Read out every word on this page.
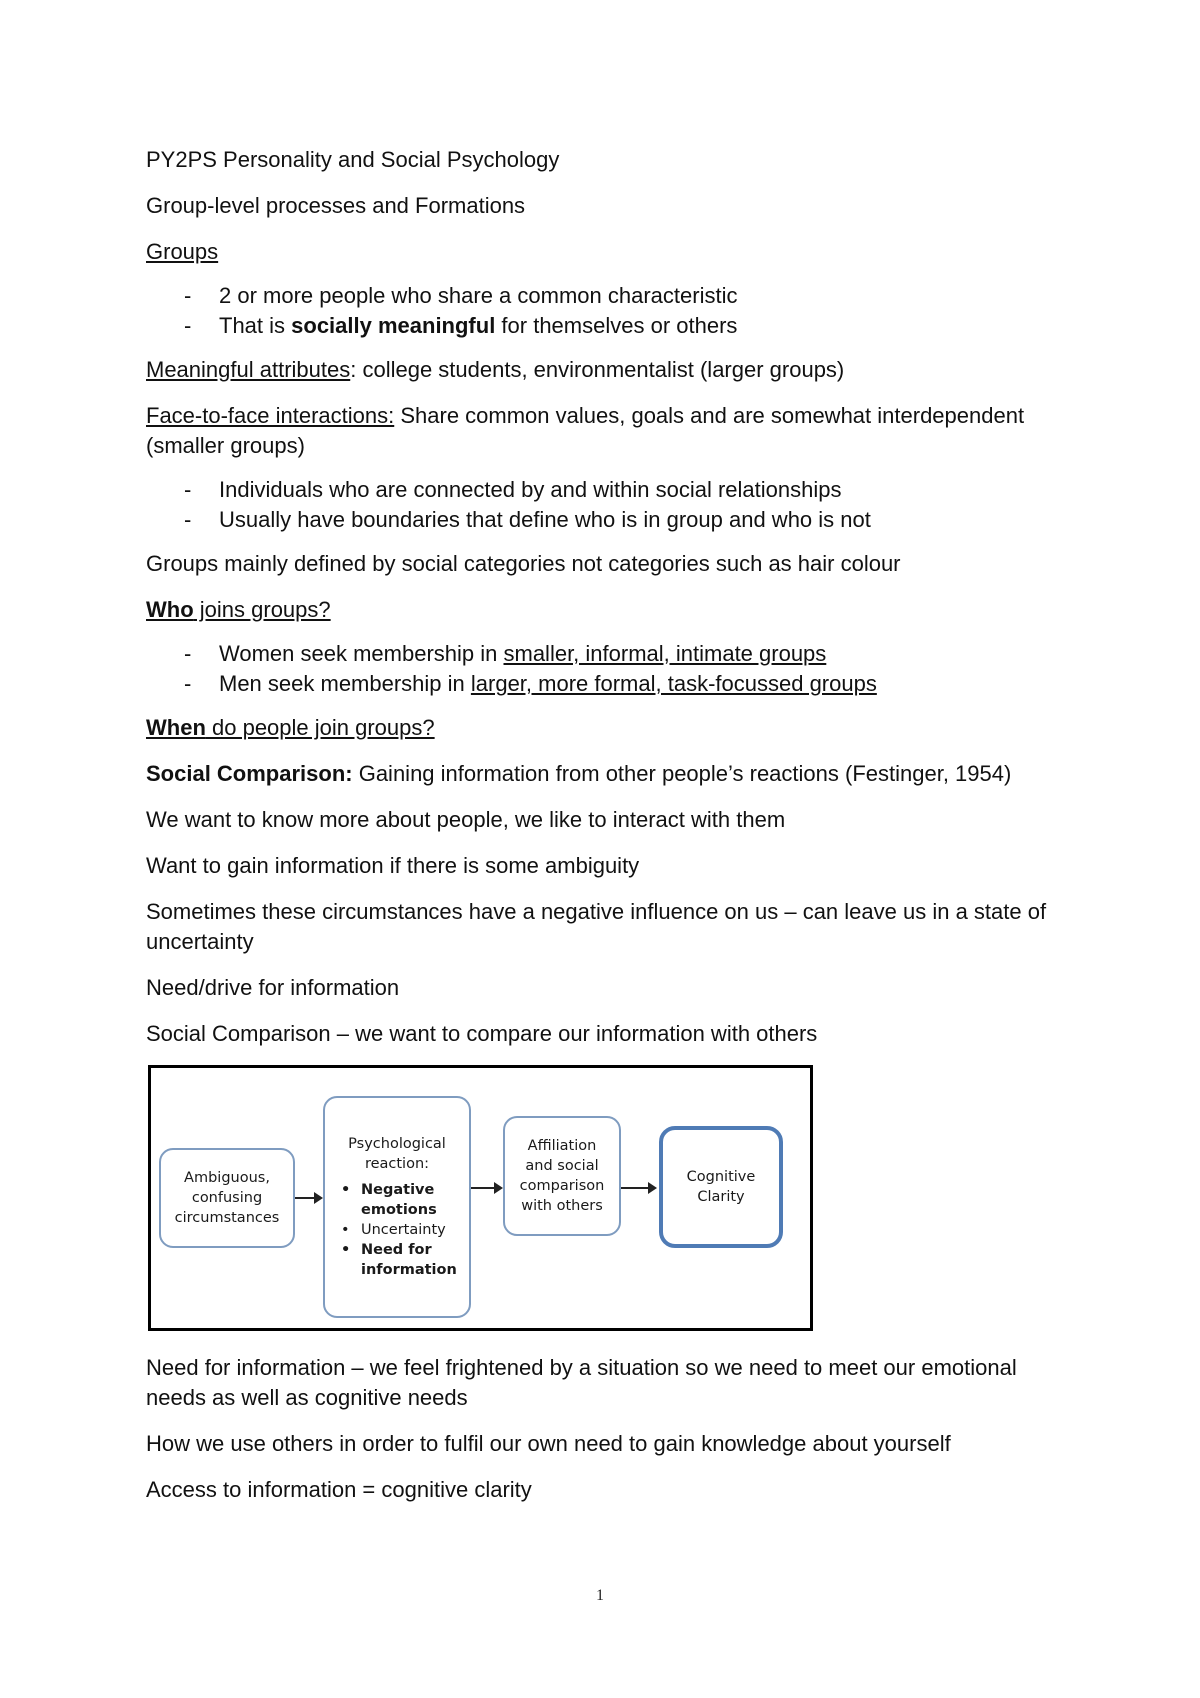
PY2PS Personality and Social Psychology

Group-level processes and Formations

Groups

- 2 or more people who share a common characteristic
- That is socially meaningful for themselves or others

Meaningful attributes: college students, environmentalist (larger groups)

Face-to-face interactions: Share common values, goals and are somewhat interdependent (smaller groups)

- Individuals who are connected by and within social relationships
- Usually have boundaries that define who is in group and who is not

Groups mainly defined by social categories not categories such as hair colour

Who joins groups?

- Women seek membership in smaller, informal, intimate groups
- Men seek membership in larger, more formal, task-focussed groups

When do people join groups?

Social Comparison: Gaining information from other people’s reactions (Festinger, 1954)

We want to know more about people, we like to interact with them

Want to gain information if there is some ambiguity

Sometimes these circumstances have a negative influence on us – can leave us in a state of uncertainty

Need/drive for information

Social Comparison – we want to compare our information with others

Ambiguous, confusing circumstances
Psychological reaction:
• Negative emotions
• Uncertainty
• Need for information
Affiliation and social comparison with others
Cognitive Clarity

Need for information – we feel frightened by a situation so we need to meet our emotional needs as well as cognitive needs

How we use others in order to fulfil our own need to gain knowledge about yourself

Access to information = cognitive clarity

1
